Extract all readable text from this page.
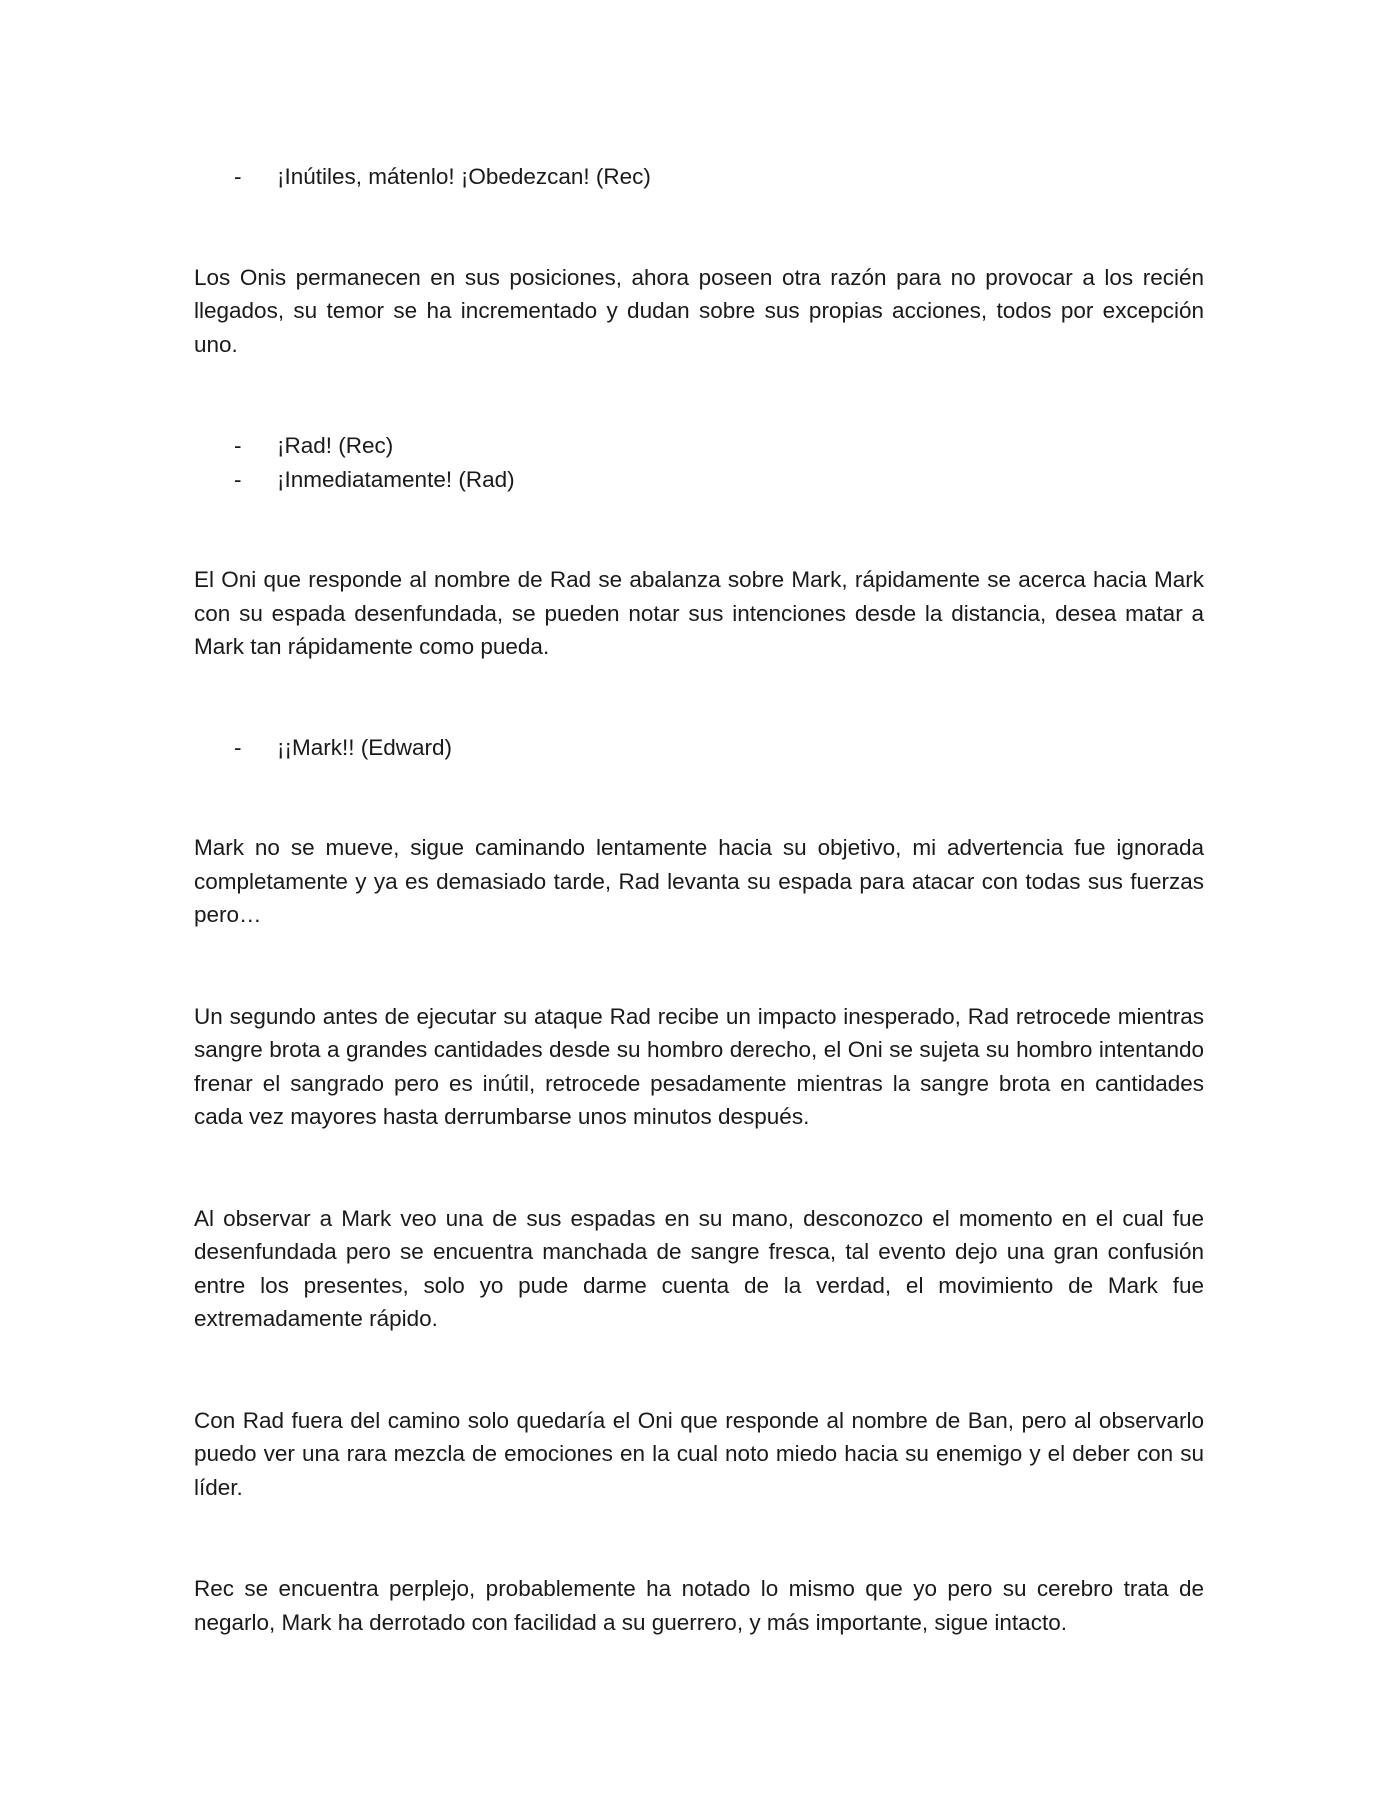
-	¡Inútiles, mátenlo! ¡Obedezcan! (Rec)

Los Onis permanecen en sus posiciones, ahora poseen otra razón para no provocar a los recién llegados, su temor se ha incrementado y dudan sobre sus propias acciones, todos por excepción uno.

-	¡Rad! (Rec)
-	¡Inmediatamente! (Rad)

El Oni que responde al nombre de Rad se abalanza sobre Mark, rápidamente se acerca hacia Mark con su espada desenfundada, se pueden notar sus intenciones desde la distancia, desea matar a Mark tan rápidamente como pueda.

-	¡¡Mark!! (Edward)

Mark no se mueve, sigue caminando lentamente hacia su objetivo, mi advertencia fue ignorada completamente y ya es demasiado tarde, Rad levanta su espada para atacar con todas sus fuerzas pero…

Un segundo antes de ejecutar su ataque Rad recibe un impacto inesperado, Rad retrocede mientras sangre brota a grandes cantidades desde su hombro derecho, el Oni se sujeta su hombro intentando frenar el sangrado pero es inútil, retrocede pesadamente mientras la sangre brota en cantidades cada vez mayores hasta derrumbarse unos minutos después.

Al observar a Mark veo una de sus espadas en su mano, desconozco el momento en el cual fue desenfundada pero se encuentra manchada de sangre fresca, tal evento dejo una gran confusión entre los presentes, solo yo pude darme cuenta de la verdad, el movimiento de Mark fue extremadamente rápido.

Con Rad fuera del camino solo quedaría el Oni que responde al nombre de Ban, pero al observarlo puedo ver una rara mezcla de emociones en la cual noto miedo hacia su enemigo y el deber con su líder.

Rec se encuentra perplejo, probablemente ha notado lo mismo que yo pero su cerebro trata de negarlo, Mark ha derrotado con facilidad a su guerrero, y más importante, sigue intacto.
